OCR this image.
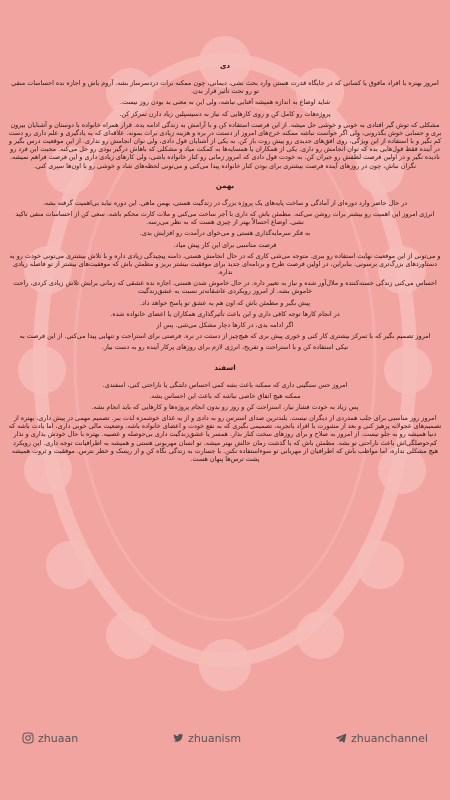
دی

امروز بهتره با افراد مافوق یا کسانی که در جایگاه قدرت هستن وارد بحث نشی، دیمانی، چون ممکنه برات دردسرساز بشه. آروم باش و اجازه نده احساسات منفی تو رو تحت تأثیر قرار بدن.

شاید اوضاع به اندازه همیشه آفتابی نباشه، ولی این به معنی بد بودن روز نیست.

پروژه‌هات رو کامل کن و روی کارهایی که نیاز به دسیسپلین زیاد دارن تمرکز کن.

مشکلی که توش گیر افتادی به خوبی و خوشی حل میشه. از این فرصت استفاده کن و با آرامش به زندگی ادامه بده. قرار همراه خانواده با دوستان و آشنایان بیرون بری و حسابی خوش بگذرونی، ولی اگر حواست نباشه ممکنه خرج‌های امروز از دستت در بره و هزینه زیادی برات بمونه. علاقه‌ای که به یادگیری و علم داری رو دست کم نگیر و با استفاده از این ویژگی، روی افق‌های جدیدی رو پیش روت باز کن. به یکی از آشنایان قول دادی، ولی توان انجامش رو نداری. از این موقعیت درس بگیر و در آینده فقط قول‌هایی بده که توان انجامش رو داری. یکی از همکاران یا همسایه‌ها به کمکت میاد و مشکلی که باهاش درگیر بودی رو حل می‌کنه. محبت این فرد رو نادیده نگیر و در اولین فرصت لطفش رو جبران کن. به خودت قول دادی که امروز زمانی رو کنار خانواده باشی، ولی کارهای زیادی داری و این فرصت فراهم نمیشه. نگران نباش، چون در روزهای آینده فرصت بیشتری برای بودن کنار خانواده پیدا می‌کنی و می‌تونی لحظه‌های شاد و خوشی رو با اون‌ها سپری کنی.

بهمن

در حال حاضر وارد دوره‌ای از آمادگی و ساخت پایه‌های یک پروژه بزرگ در زندگیت هستی، بهمن ماهی. این دوره نباید بی‌اهمیت گرفته بشه.

انرژی امروز این اهمیت رو بیشتر برات روشن می‌کنه. مطمئن باش که داری با آجر ساخت می‌کنی و ملات کارت محکم باشه. سعی کن از احساسات منفی تاکید نشی. اوضاع احتمالاً بهتر از چیزی هست که به نظر می‌رسه.

به فکر سرمایه‌گذاری هستی و می‌خوای درآمدت رو افزایش بدی.

فرصت مناسبی برای این کار پیش میاد.

و می‌تونی از این موقعیت نهایت استفاده رو ببری. متوجه می‌شی کاری که در حال انجامش هستی، دامنه پیچیدگی زیادی داره و با تلاش بیشتری می‌تونی خودت رو به دستاوردهای بزرگ‌تری برسونی. بنابراین، در اولین فرصت طرح و برنامه‌ای جدید برای موفقیت بیشتر بریز و مطمئن باش که موفقیت‌های بیشتر از تو فاصله زیادی نداره.

احساس می‌کنی زندگی خسته‌کننده و ملال‌آور شده و نیاز به تغییر داره. در حال خاموش شدن هستی، اجازه نده عشقی که زمانی برایش تلاش زیادی کردی، راحت خاموش بشه. از امروز رویکردی عاشقانه‌تر نسبت به عشق‌زندگیت

پیش بگیر و مطمئن باش که اون هم به عشق تو پاسخ خواهد داد.

در انجام کارها توجه کافی داری و این باعث تأثیرگذاری همکاران یا اعضای خانواده شده.

اگر ادامه بدی، در کارها دچار مشکل می‌شی. پس از

امروز تصمیم بگیر که با تمرکز بیشتری کار کنی و خوری پیش بری که هیچ‌چیز از دستت در نره. فرصتی برای استراحت و تنهایی پیدا می‌کنی. از این فرصت به

نیکی استفاده کن و با استراحت و تفریح، انرژی لازم برای روزهای پرکار آینده رو به دست بیار.

اسفند

امروز حس سنگینی داری که ممکنه باعث بشه کمی احساس دلتنگی یا ناراحتی کنی، اسفندی.

ممکنه هیچ اتفاق خاصی نباشه که باعث این احساس بشه.

پس زیاد به خودت فشار نیار، استراحت کن و روز رو بدون انجام پروژه‌ها و کارهایی که باید انجام بشه.

امروز روز مناسبی برای جلب همدردی از دیگران نیست. بلندترین صدای استرس رو به دادی و از یه غذای خوشمزه لذت ببر. تصمیم مهمی در پیش داری، بهتره از تصمیم‌های عجولانه پرهیز کنی و بعد از مشورت با افراد باتجربه، تصمیمی بگیری که به نفع خودت و اعضای خانواده باشه. وضعیت مالی خوبی داری، اما یادت باشه که دنیا همیشه رو به جلو نیست. از امروز به صلاح و برای روزهای سخت کنار بذار. همسر یا عشق‌زندگیت داری بی‌حوصله و عصبیه. بهتره با حال خودش بذاری و نذار کم‌حوصلگی‌اش باعث ناراحتی تو بشه. مطمئن باش که با گذشت زمان حالش بهتر میشه. تو انسان مهربونی هستی و همیشه به اطرافیانت توجه داری. این رویکرد هیچ مشکلی نداره، اما مواظب باش که اطرافیان از مهربانی تو سوءاستفاده نکنن. با جسارت به زندگی نگاه کن و از ریسک و خطر نترس. موفقیت و ثروت همیشه پشت ترس‌ها پنهان هست.

zhuaan	zhuanism	zhuanchannel
